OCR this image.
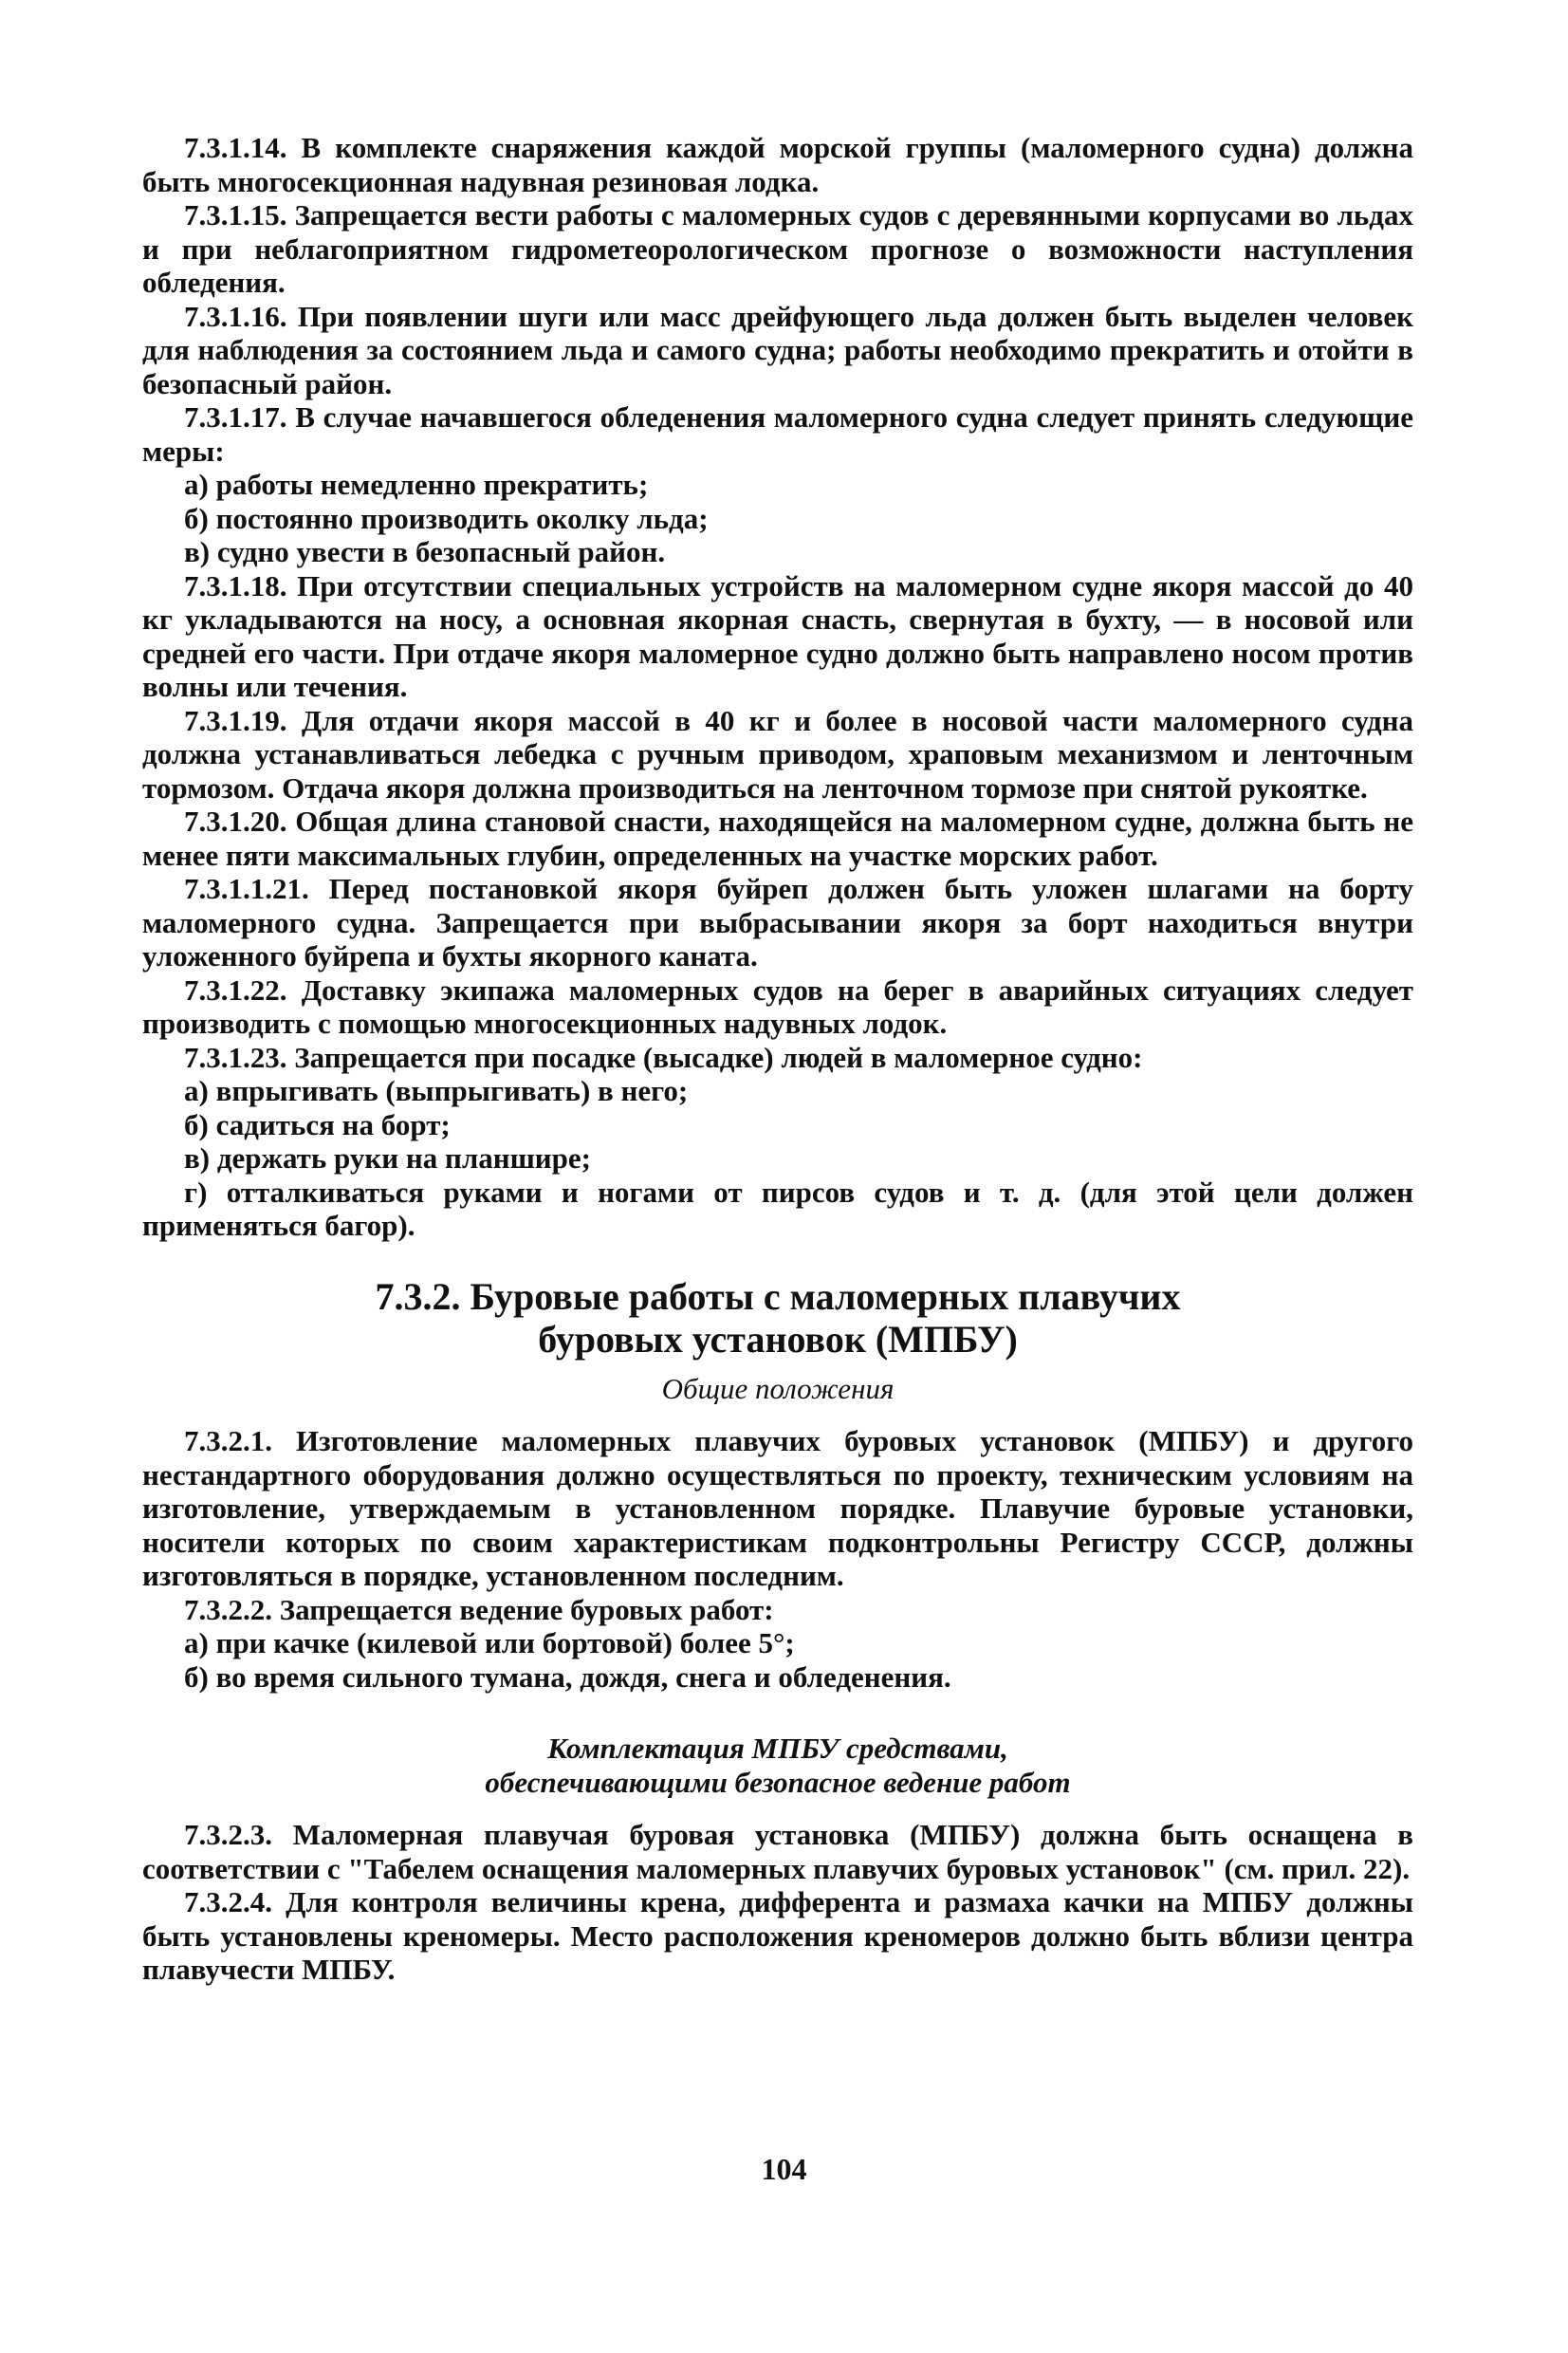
7.3.1.14. В комплекте снаряжения каждой морской группы (маломерного судна) должна быть многосекционная надувная резиновая лодка.
7.3.1.15. Запрещается вести работы с маломерных судов с деревянными корпусами во льдах и при неблагоприятном гидрометеорологическом прогнозе о возможности наступления обледения.
7.3.1.16. При появлении шуги или масс дрейфующего льда должен быть выделен человек для наблюдения за состоянием льда и самого судна; работы необходимо прекратить и отойти в безопасный район.
7.3.1.17. В случае начавшегося обледенения маломерного судна следует принять следующие меры:
а) работы немедленно прекратить;
б) постоянно производить околку льда;
в) судно увести в безопасный район.
7.3.1.18. При отсутствии специальных устройств на маломерном судне якоря массой до 40 кг укладываются на носу, а основная якорная снасть, свернутая в бухту, — в носовой или средней его части. При отдаче якоря маломерное судно должно быть направлено носом против волны или течения.
7.3.1.19. Для отдачи якоря массой в 40 кг и более в носовой части маломерного судна должна устанавливаться лебедка с ручным приводом, храповым механизмом и ленточным тормозом. Отдача якоря должна производиться на ленточном тормозе при снятой рукоятке.
7.3.1.20. Общая длина становой снасти, находящейся на маломерном судне, должна быть не менее пяти максимальных глубин, определенных на участке морских работ.
7.3.1.1.21. Перед постановкой якоря буйреп должен быть уложен шлагами на борту маломерного судна. Запрещается при выбрасывании якоря за борт находиться внутри уложенного буйрепа и бухты якорного каната.
7.3.1.22. Доставку экипажа маломерных судов на берег в аварийных ситуациях следует производить с помощью многосекционных надувных лодок.
7.3.1.23. Запрещается при посадке (высадке) людей в маломерное судно:
а) впрыгивать (выпрыгивать) в него;
б) садиться на борт;
в) держать руки на планшире;
г) отталкиваться руками и ногами от пирсов судов и т. д. (для этой цели должен применяться багор).
7.3.2. Буровые работы с маломерных плавучих
буровых установок (МПБУ)
Общие положения
7.3.2.1. Изготовление маломерных плавучих буровых установок (МПБУ) и другого нестандартного оборудования должно осуществляться по проекту, техническим условиям на изготовление, утверждаемым в установленном порядке. Плавучие буровые установки, носители которых по своим характеристикам подконтрольны Регистру СССР, должны изготовляться в порядке, установленном последним.
7.3.2.2. Запрещается ведение буровых работ:
а) при качке (килевой или бортовой) более 5°;
б) во время сильного тумана, дождя, снега и обледенения.
Комплектация МПБУ средствами,
обеспечивающими безопасное ведение работ
7.3.2.3. Маломерная плавучая буровая установка (МПБУ) должна быть оснащена в соответствии с "Табелем оснащения маломерных плавучих буровых установок" (см. прил. 22).
7.3.2.4. Для контроля величины крена, дифферента и размаха качки на МПБУ должны быть установлены креномеры. Место расположения креномеров должно быть вблизи центра плавучести МПБУ.
104
